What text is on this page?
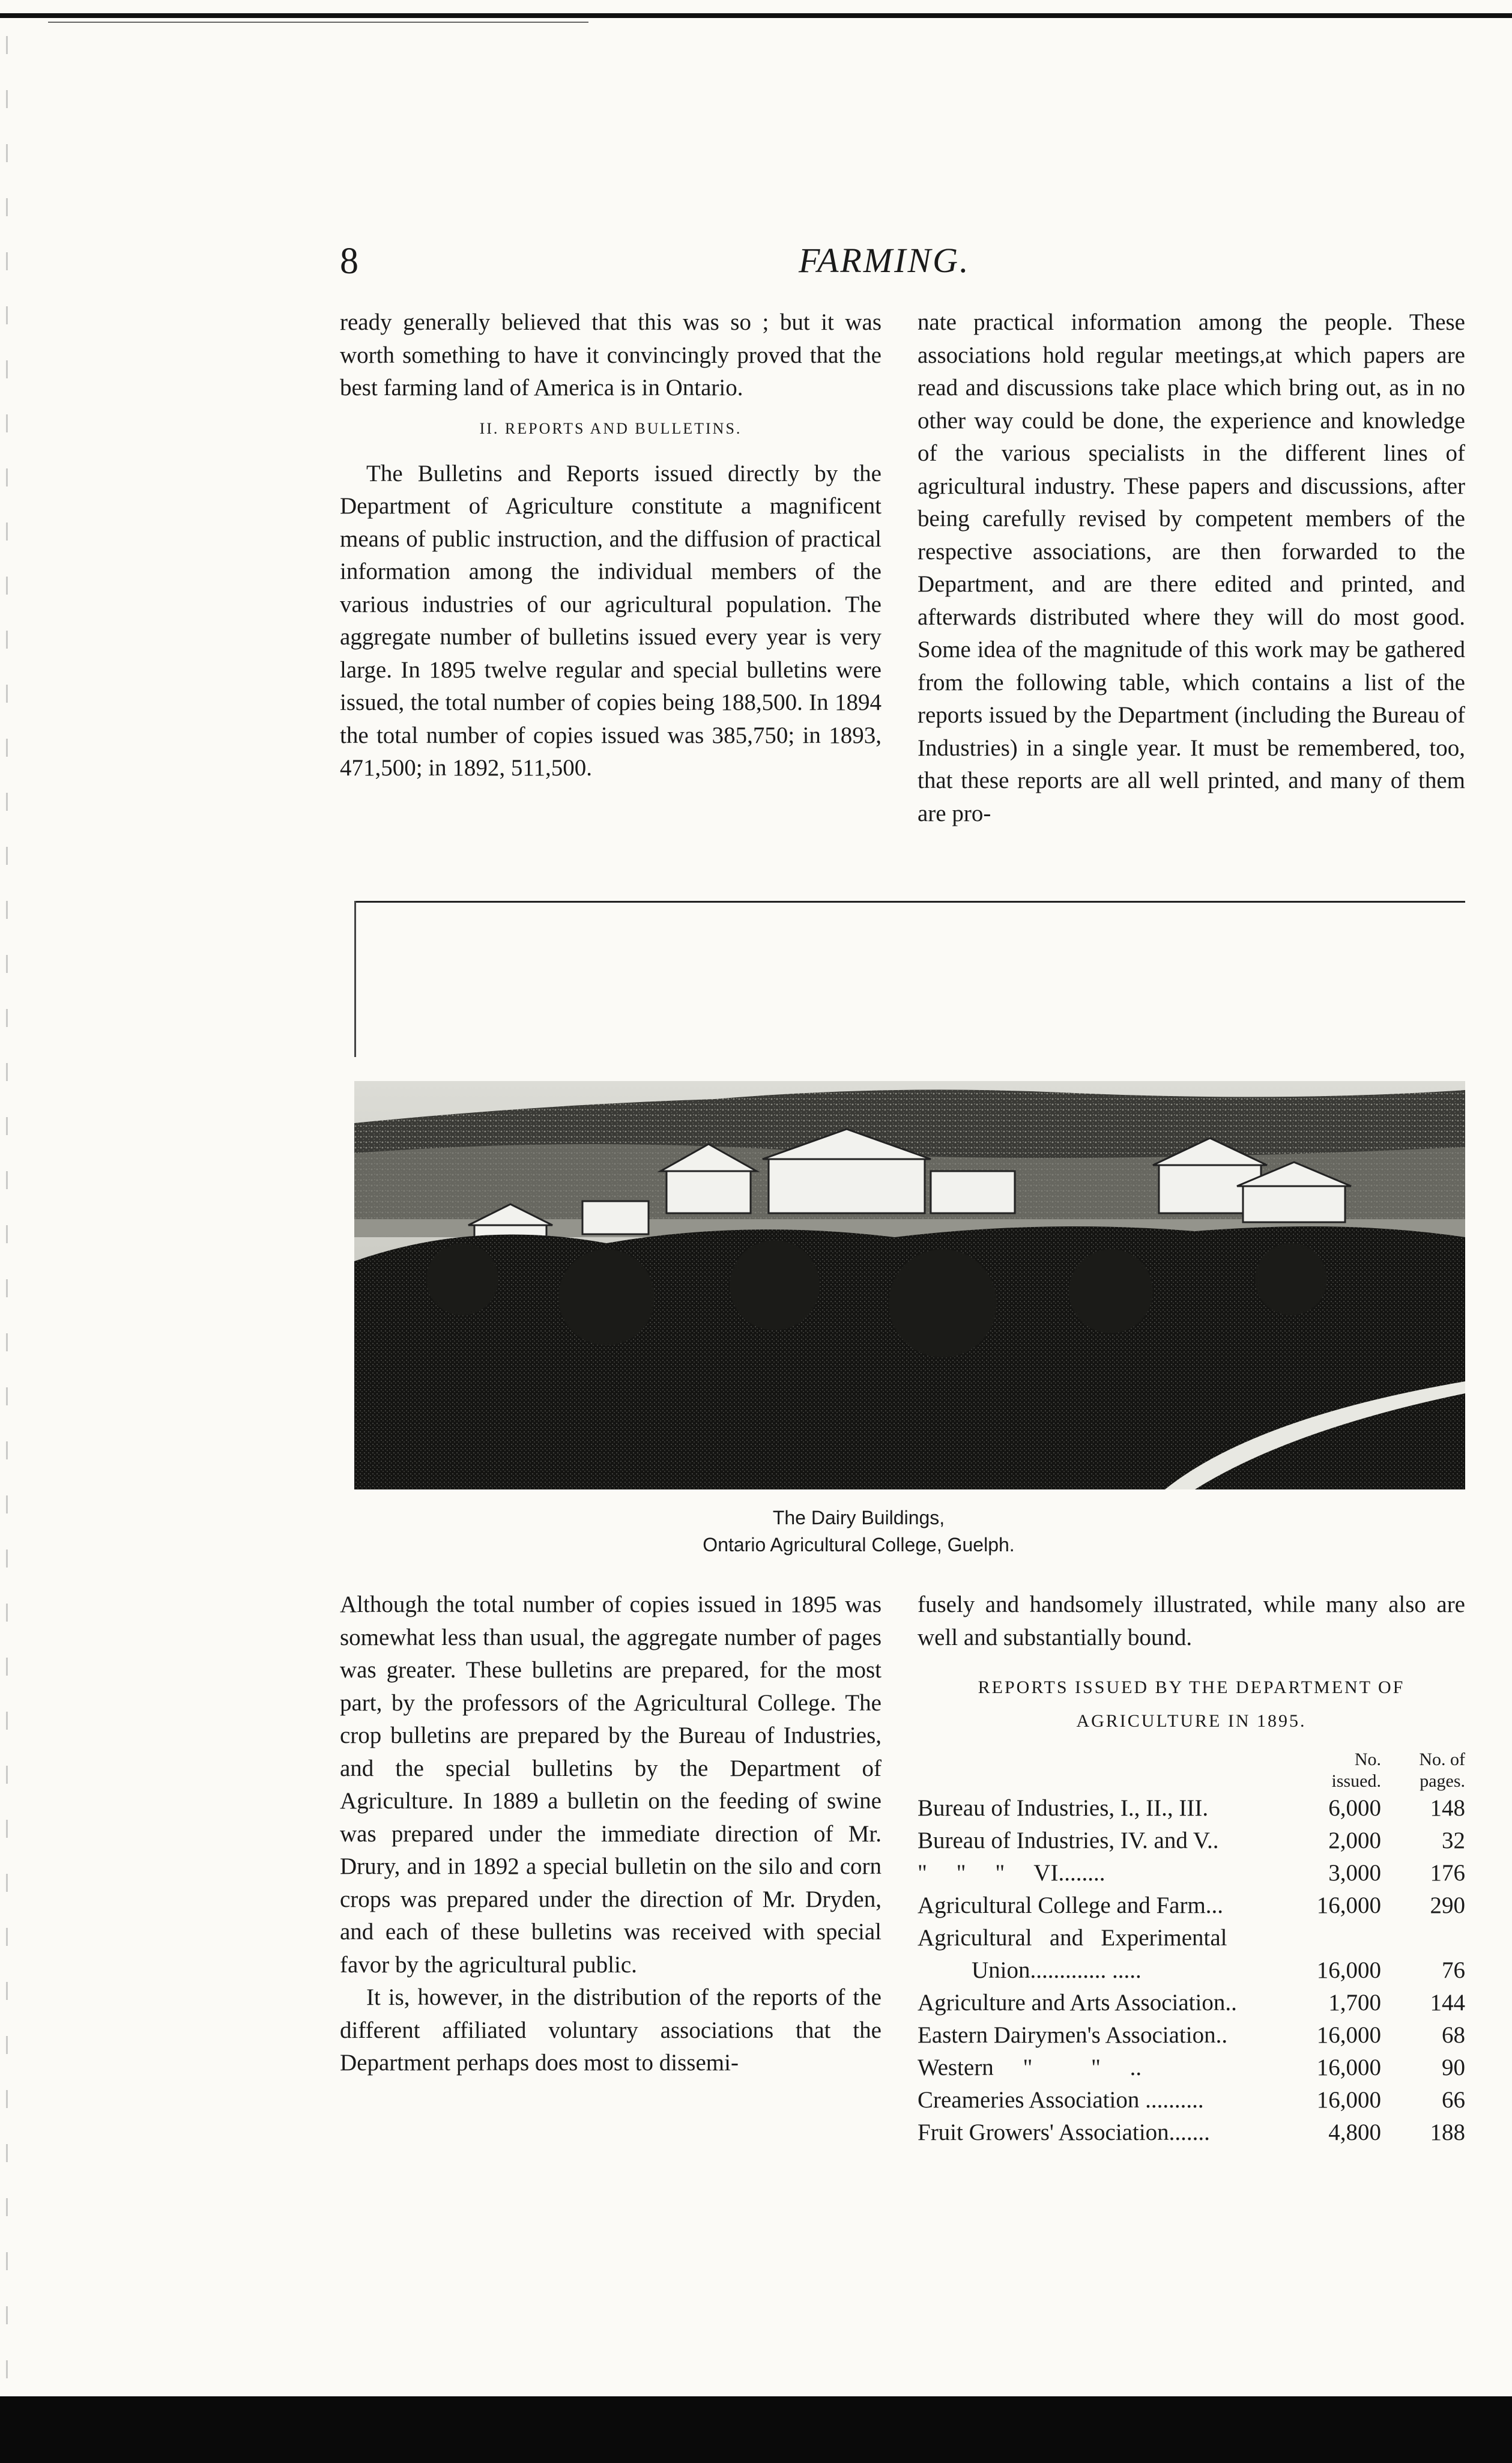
8	FARMING.

ready generally believed that this was so ; but it was worth something to have it convincingly proved that the best farming land of America is in Ontario.

II. REPORTS AND BULLETINS.

The Bulletins and Reports issued directly by the Department of Agriculture constitute a magnificent means of public instruction, and the diffusion of practical information among the individual members of the various industries of our agricultural population. The aggregate number of bulletins issued every year is very large. In 1895 twelve regular and special bulletins were issued, the total number of copies being 188,500. In 1894 the total number of copies issued was 385,750; in 1893, 471,500; in 1892, 511,500.

nate practical information among the people. These associations hold regular meetings,at which papers are read and discussions take place which bring out, as in no other way could be done, the experience and knowledge of the various specialists in the different lines of agricultural industry. These papers and discussions, after being carefully revised by competent members of the respective associations, are then forwarded to the Department, and are there edited and printed, and afterwards distributed where they will do most good. Some idea of the magnitude of this work may be gathered from the following table, which contains a list of the reports issued by the Department (including the Bureau of Industries) in a single year. It must be remembered, too, that these reports are all well printed, and many of them are pro-

The Dairy Buildings,
Ontario Agricultural College, Guelph.

Although the total number of copies issued in 1895 was somewhat less than usual, the aggregate number of pages was greater. These bulletins are prepared, for the most part, by the professors of the Agricultural College. The crop bulletins are prepared by the Bureau of Industries, and the special bulletins by the Department of Agriculture. In 1889 a bulletin on the feeding of swine was prepared under the immediate direction of Mr. Drury, and in 1892 a special bulletin on the silo and corn crops was prepared under the direction of Mr. Dryden, and each of these bulletins was received with special favor by the agricultural public.

It is, however, in the distribution of the reports of the different affiliated voluntary associations that the Department perhaps does most to dissemi-

fusely and handsomely illustrated, while many also are well and substantially bound.

REPORTS ISSUED BY THE DEPARTMENT OF
AGRICULTURE IN 1895.
	No. issued.	No. of pages.
Bureau of Industries, I., II., III.	6,000	148
Bureau of Industries, IV. and V..	2,000	32
"     "     "     VI........	3,000	176
Agricultural College and Farm...	16,000	290
Agricultural   and   Experimental		
Union............. .....	16,000	76
Agriculture and Arts Association..	1,700	144
Eastern Dairymen's Association..	16,000	68
Western     "          "     ..	16,000	90
Creameries Association ..........	16,000	66
Fruit Growers' Association.......	4,800	188
